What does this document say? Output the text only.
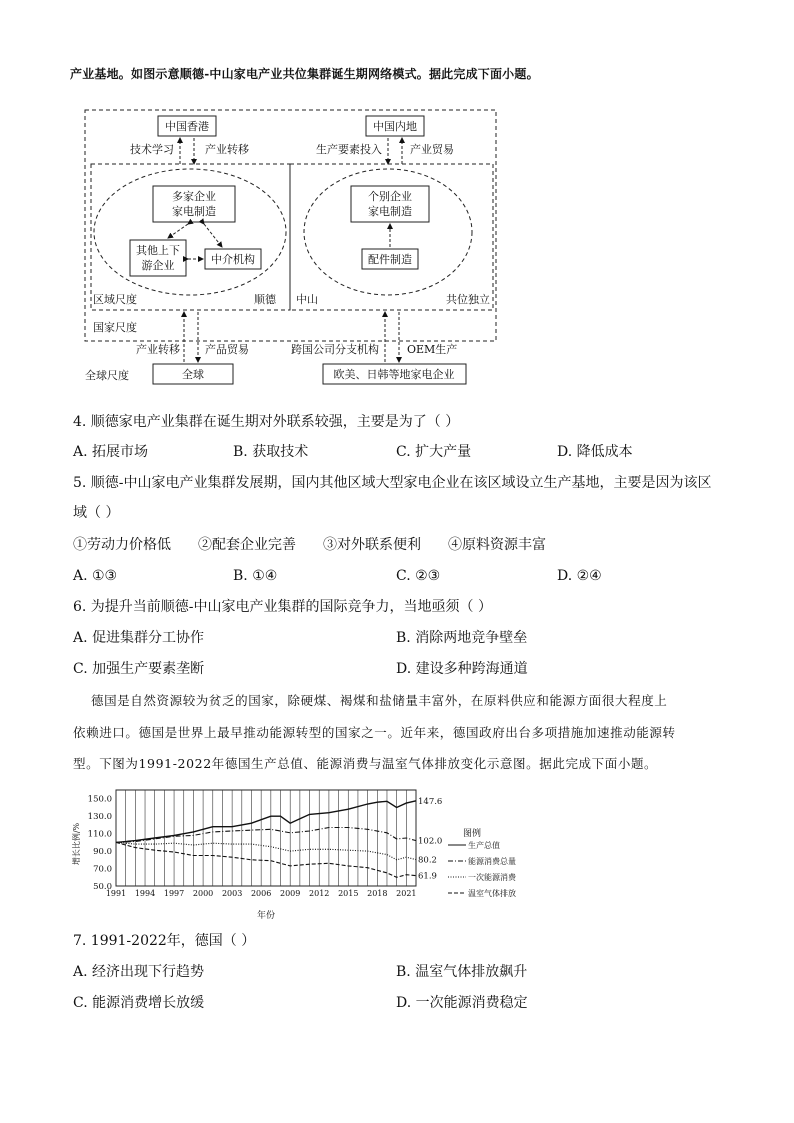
产业基地。如图示意顺德-中山家电产业共位集群诞生期网络模式。据此完成下面小题。
中国香港	中国内地
技术学习	产业转移	生产要素投入	产业贸易
多家企业
家电制造
其他上下
游企业	中介机构
个别企业
家电制造
配件制造
区域尺度	顺德 中山	共位独立
国家尺度
产业转移 产品贸易	跨国公司分支机构	OEM生产
全球尺度	全球	欧美、日韩等地家电企业
4. 顺德家电产业集群在诞生期对外联系较强，主要是为了（ ）
A. 拓展市场	B. 获取技术	C. 扩大产量	D. 降低成本
5. 顺德-中山家电产业集群发展期，国内其他区域大型家电企业在该区域设立生产基地，主要是因为该区
域（ ）
①劳动力价格低 ②配套企业完善 ③对外联系便利 ④原料资源丰富
A. ①③	B. ①④	C. ②③	D. ②④
6. 为提升当前顺德-中山家电产业集群的国际竞争力，当地亟须（ ）
A. 促进集群分工协作	B. 消除两地竞争壁垒
C. 加强生产要素垄断	D. 建设多种跨海通道
德国是自然资源较为贫乏的国家，除硬煤、褐煤和盐储量丰富外，在原料供应和能源方面很大程度上
依赖进口。德国是世界上最早推动能源转型的国家之一。近年来，德国政府出台多项措施加速推动能源转
型。下图为1991-2022年德国生产总值、能源消费与温室气体排放变化示意图。据此完成下面小题。
150.0
130.0
110.0
90.0
70.0
50.0
1991 1994 1997 2000 2003 2006 2009 2012 2015 2018 2021
147.6
102.0
80.2
61.9
增长比例/%
年份
图例
生产总值
能源消费总量
一次能源消费
温室气体排放
7. 1991-2022年，德国（ ）
A. 经济出现下行趋势	B. 温室气体排放飙升
C. 能源消费增长放缓	D. 一次能源消费稳定
